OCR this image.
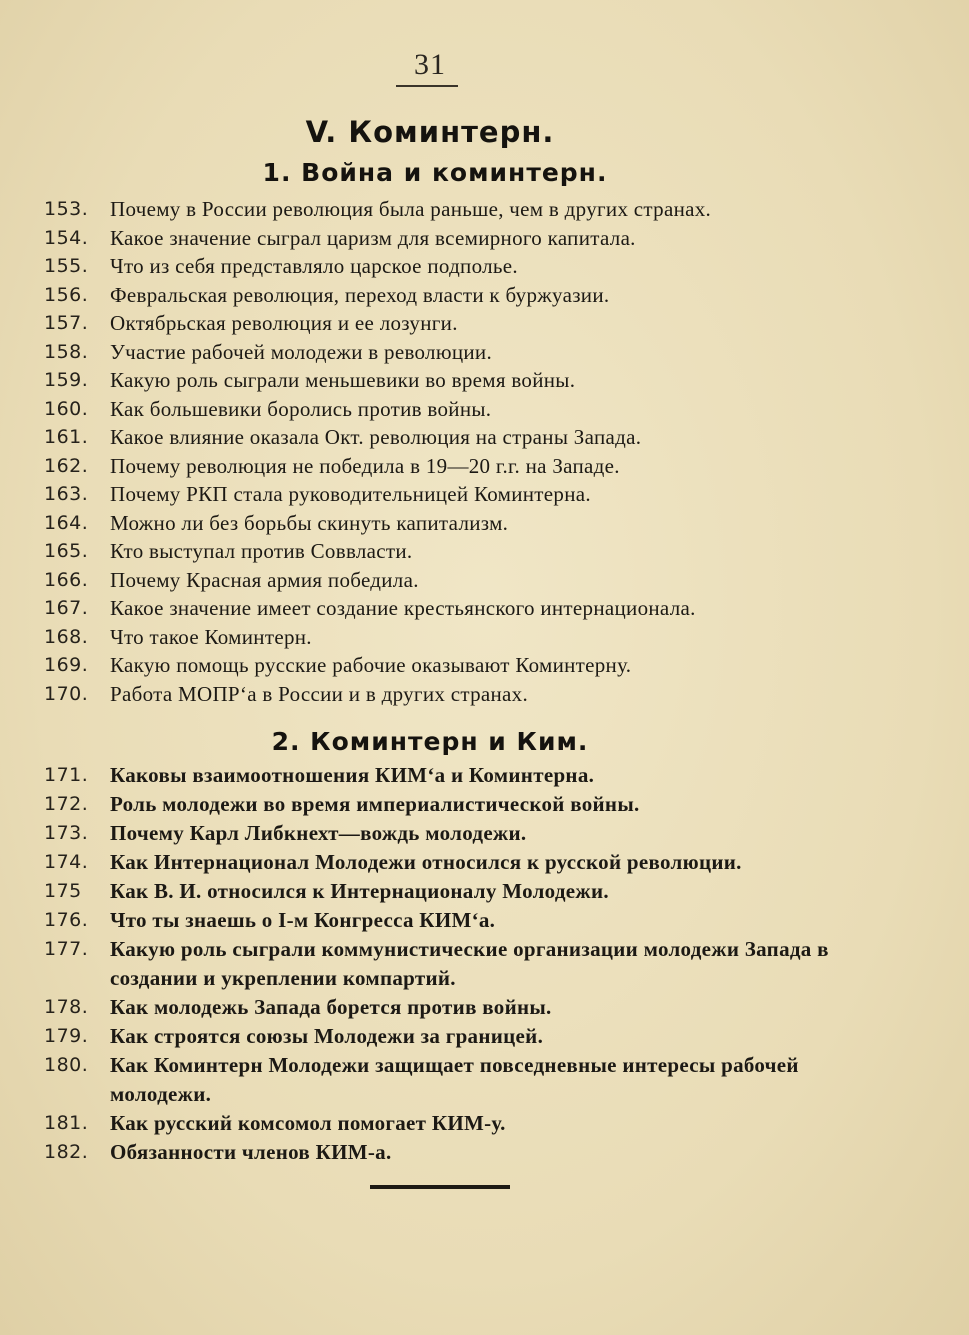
31
V. Коминтерн.
1. Война и коминтерн.
153.	Почему в России революция была раньше, чем в других странах.
154.	Какое значение сыграл царизм для всемирного капитала.
155.	Что из себя представляло царское подполье.
156.	Февральская революция, переход власти к буржуазии.
157.	Октябрьская революция и ее лозунги.
158.	Участие рабочей молодежи в революции.
159.	Какую роль сыграли меньшевики во время войны.
160.	Как большевики боролись против войны.
161.	Какое влияние оказала Окт. революция на страны Запада.
162.	Почему революция не победила в 19—20 г.г. на Западе.
163.	Почему РКП стала руководительницей Коминтерна.
164.	Можно ли без борьбы скинуть капитализм.
165.	Кто выступал против Соввласти.
166.	Почему Красная армия победила.
167.	Какое значение имеет создание крестьянского интернационала.
168.	Что такое Коминтерн.
169.	Какую помощь русские рабочие оказывают Коминтерну.
170.	Работа МОПР‘а в России и в других странах.
2. Коминтерн и Ким.
171.	Каковы взаимоотношения КИМ‘а и Коминтерна.
172.	Роль молодежи во время империалистической войны.
173.	Почему Карл Либкнехт—вождь молодежи.
174.	Как Интернационал Молодежи относился к русской революции.
175	Как В. И. относился к Интернационалу Молодежи.
176.	Что ты знаешь о I-м Конгресса КИМ‘а.
177.	Какую роль сыграли коммунистические организации молодежи Запада в создании и укреплении компартий.
178.	Как молодежь Запада борется против войны.
179.	Как строятся союзы Молодежи за границей.
180.	Как Коминтерн Молодежи защищает повседневные интересы рабочей молодежи.
181.	Как русский комсомол помогает КИМ-у.
182.	Обязанности членов КИМ-а.
